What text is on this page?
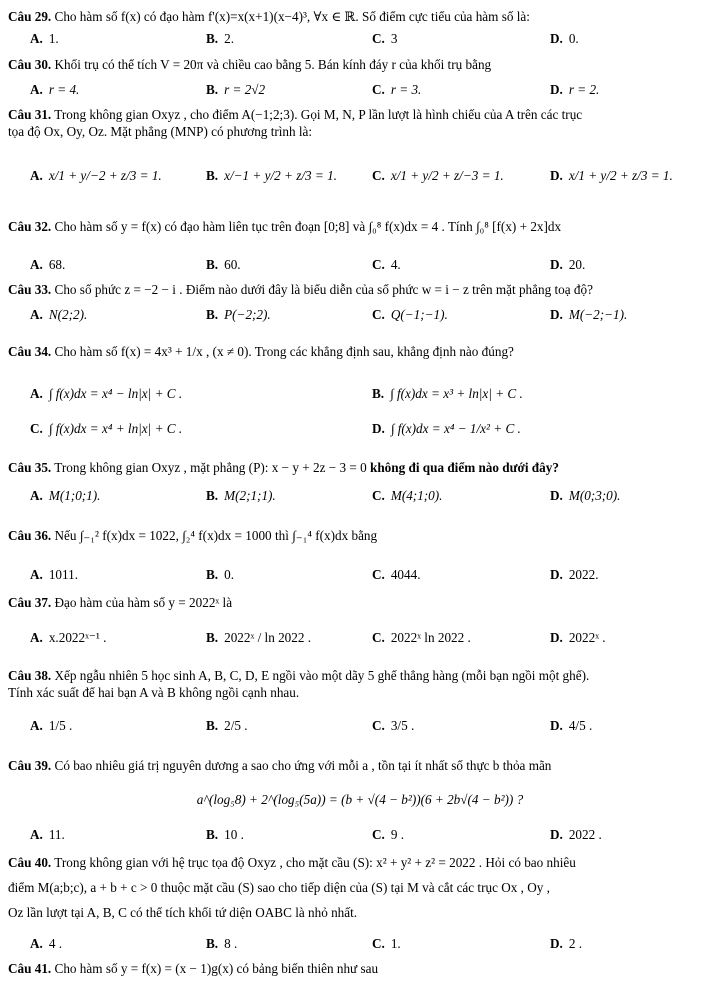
Câu 29. Cho hàm số f(x) có đạo hàm f'(x)=x(x+1)(x−4)³, ∀x ∈ ℝ. Số điểm cực tiểu của hàm số là:
A. 1.	B. 2.	C. 3	D. 0.
Câu 30. Khối trụ có thể tích V = 20π và chiều cao bằng 5. Bán kính đáy r của khối trụ bằng
A. r = 4.	B. r = 2√2	C. r = 3.	D. r = 2.
Câu 31. Trong không gian Oxyz , cho điểm A(−1;2;3). Gọi M, N, P lần lượt là hình chiếu của A trên các trục
tọa độ Ox, Oy, Oz. Mặt phẳng (MNP) có phương trình là:
A. x/1 + y/−2 + z/3 = 1.	B. x/−1 + y/2 + z/3 = 1.	C. x/1 + y/2 + z/−3 = 1.	D. x/1 + y/2 + z/3 = 1.
Câu 32. Cho hàm số y = f(x) có đạo hàm liên tục trên đoạn [0;8] và ∫₀⁸ f(x)dx = 4 . Tính ∫₀⁸ [f(x) + 2x]dx
A. 68.	B. 60.	C. 4.	D. 20.
Câu 33. Cho số phức z = −2 − i . Điểm nào dưới đây là biểu diễn của số phức w = i − z trên mặt phẳng toạ độ?
A. N(2;2).	B. P(−2;2).	C. Q(−1;−1).	D. M(−2;−1).
Câu 34. Cho hàm số f(x) = 4x³ + 1/x , (x ≠ 0). Trong các khẳng định sau, khẳng định nào đúng?
A. ∫ f(x)dx = x⁴ − ln|x| + C .	B. ∫ f(x)dx = x³ + ln|x| + C .
C. ∫ f(x)dx = x⁴ + ln|x| + C .	D. ∫ f(x)dx = x⁴ − 1/x² + C .
Câu 35. Trong không gian Oxyz , mặt phẳng (P): x − y + 2z − 3 = 0 không đi qua điểm nào dưới đây?
A. M(1;0;1).	B. M(2;1;1).	C. M(4;1;0).	D. M(0;3;0).
Câu 36. Nếu ∫₋₁² f(x)dx = 1022, ∫₂⁴ f(x)dx = 1000 thì ∫₋₁⁴ f(x)dx bằng
A. 1011.	B. 0.	C. 4044.	D. 2022.
Câu 37. Đạo hàm của hàm số y = 2022ˣ là
A. x.2022ˣ⁻¹ .	B. 2022ˣ / ln 2022 .	C. 2022ˣ ln 2022 .	D. 2022ˣ .
Câu 38. Xếp ngẫu nhiên 5 học sinh A, B, C, D, E ngồi vào một dãy 5 ghế thẳng hàng (mỗi bạn ngồi một ghế).
Tính xác suất để hai bạn A và B không ngồi cạnh nhau.
A. 1/5 .	B. 2/5 .	C. 3/5 .	D. 4/5 .
Câu 39. Có bao nhiêu giá trị nguyên dương a sao cho ứng với mỗi a , tồn tại ít nhất số thực b thỏa mãn
a^(log₅8) + 2^(log₅(5a)) = (b + √(4 − b²))(6 + 2b√(4 − b²)) ?
A. 11.	B. 10 .	C. 9 .	D. 2022 .
Câu 40. Trong không gian với hệ trục tọa độ Oxyz , cho mặt cầu (S): x² + y² + z² = 2022 . Hỏi có bao nhiêu
điểm M(a;b;c), a + b + c > 0 thuộc mặt cầu (S) sao cho tiếp diện của (S) tại M và cắt các trục Ox , Oy ,
Oz lần lượt tại A, B, C có thể tích khối tứ diện OABC là nhỏ nhất.
A. 4 .	B. 8 .	C. 1.	D. 2 .
Câu 41. Cho hàm số y = f(x) = (x − 1)g(x) có bảng biến thiên như sau
